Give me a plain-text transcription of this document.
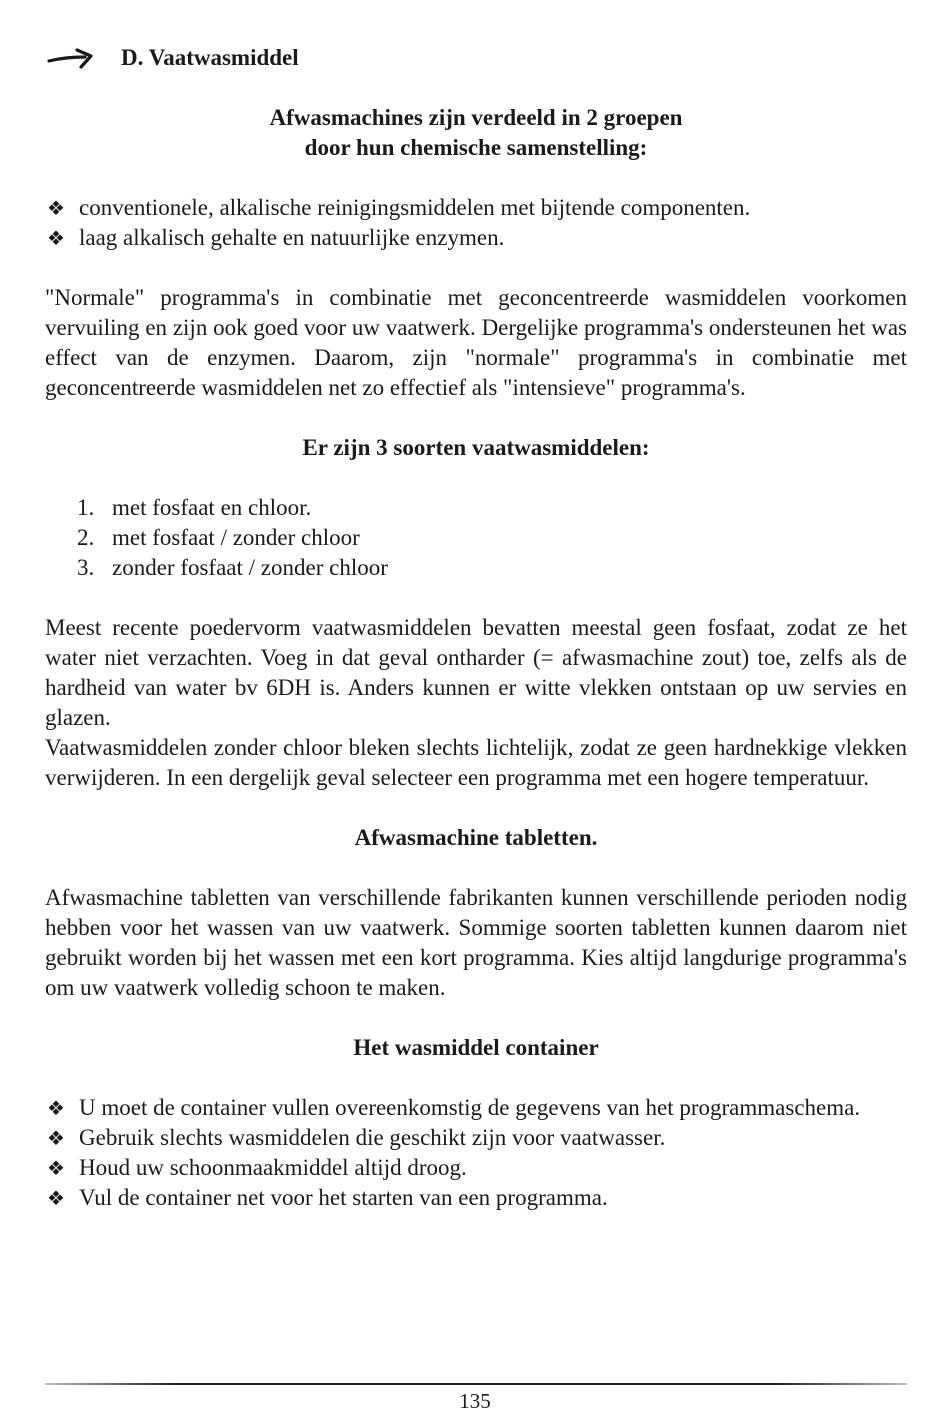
D. Vaatwasmiddel

Afwasmachines zijn verdeeld in 2 groepen

door hun chemische samenstelling:

❖ conventionele, alkalische reinigingsmiddelen met bijtende componenten.
❖ laag alkalisch gehalte en natuurlijke enzymen.

"Normale" programma's in combinatie met geconcentreerde wasmiddelen voorkomen vervuiling en zijn ook goed voor uw vaatwerk. Dergelijke programma's ondersteunen het was effect van de enzymen. Daarom, zijn "normale" programma's in combinatie met geconcentreerde wasmiddelen net zo effectief als "intensieve" programma's.

Er zijn 3 soorten vaatwasmiddelen:

1. met fosfaat en chloor.
2. met fosfaat / zonder chloor
3. zonder fosfaat / zonder chloor

Meest recente poedervorm vaatwasmiddelen bevatten meestal geen fosfaat, zodat ze het water niet verzachten. Voeg in dat geval ontharder (= afwasmachine zout) toe, zelfs als de hardheid van water bv 6DH is. Anders kunnen er witte vlekken ontstaan op uw servies en glazen.

Vaatwasmiddelen zonder chloor bleken slechts lichtelijk, zodat ze geen hardnekkige vlekken verwijderen. In een dergelijk geval selecteer een programma met een hogere temperatuur.

Afwasmachine tabletten.

Afwasmachine tabletten van verschillende fabrikanten kunnen verschillende perioden nodig hebben voor het wassen van uw vaatwerk. Sommige soorten tabletten kunnen daarom niet gebruikt worden bij het wassen met een kort programma. Kies altijd langdurige programma's om uw vaatwerk volledig schoon te maken.

Het wasmiddel container

❖ U moet de container vullen overeenkomstig de gegevens van het programmaschema.
❖ Gebruik slechts wasmiddelen die geschikt zijn voor vaatwasser.
❖ Houd uw schoonmaakmiddel altijd droog.
❖ Vul de container net voor het starten van een programma.
135
